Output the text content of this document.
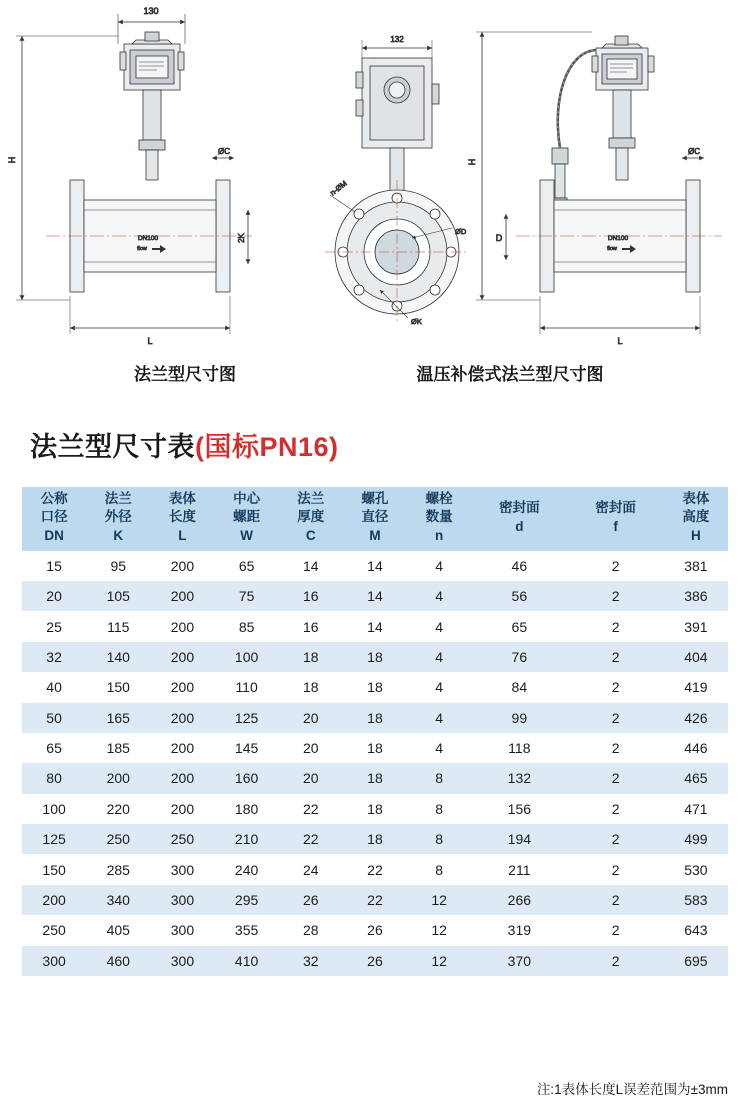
130
H
DN100
flow
ØC
2K
L
132
n-ØM
ØD
ØK
H
DN100
flow
D
ØC
L
法兰型尺寸图	温压补偿式法兰型尺寸图
法兰型尺寸表(国标PN16)
公称
口径
DN	法兰
外径
K	表体
长度
L	中心
螺距
W	法兰
厚度
C	螺孔
直径
M	螺栓
数量
n	密封面
d	密封面
f	表体
高度
H

15	95	200	65	14	14	4	46	2	381
20	105	200	75	16	14	4	56	2	386
25	115	200	85	16	14	4	65	2	391
32	140	200	100	18	18	4	76	2	404
40	150	200	110	18	18	4	84	2	419
50	165	200	125	20	18	4	99	2	426
65	185	200	145	20	18	4	118	2	446
80	200	200	160	20	18	8	132	2	465
100	220	200	180	22	18	8	156	2	471
125	250	250	210	22	18	8	194	2	499
150	285	300	240	24	22	8	211	2	530
200	340	300	295	26	22	12	266	2	583
250	405	300	355	28	26	12	319	2	643
300	460	300	410	32	26	12	370	2	695
注:1表体长度L误差范围为±3mm
